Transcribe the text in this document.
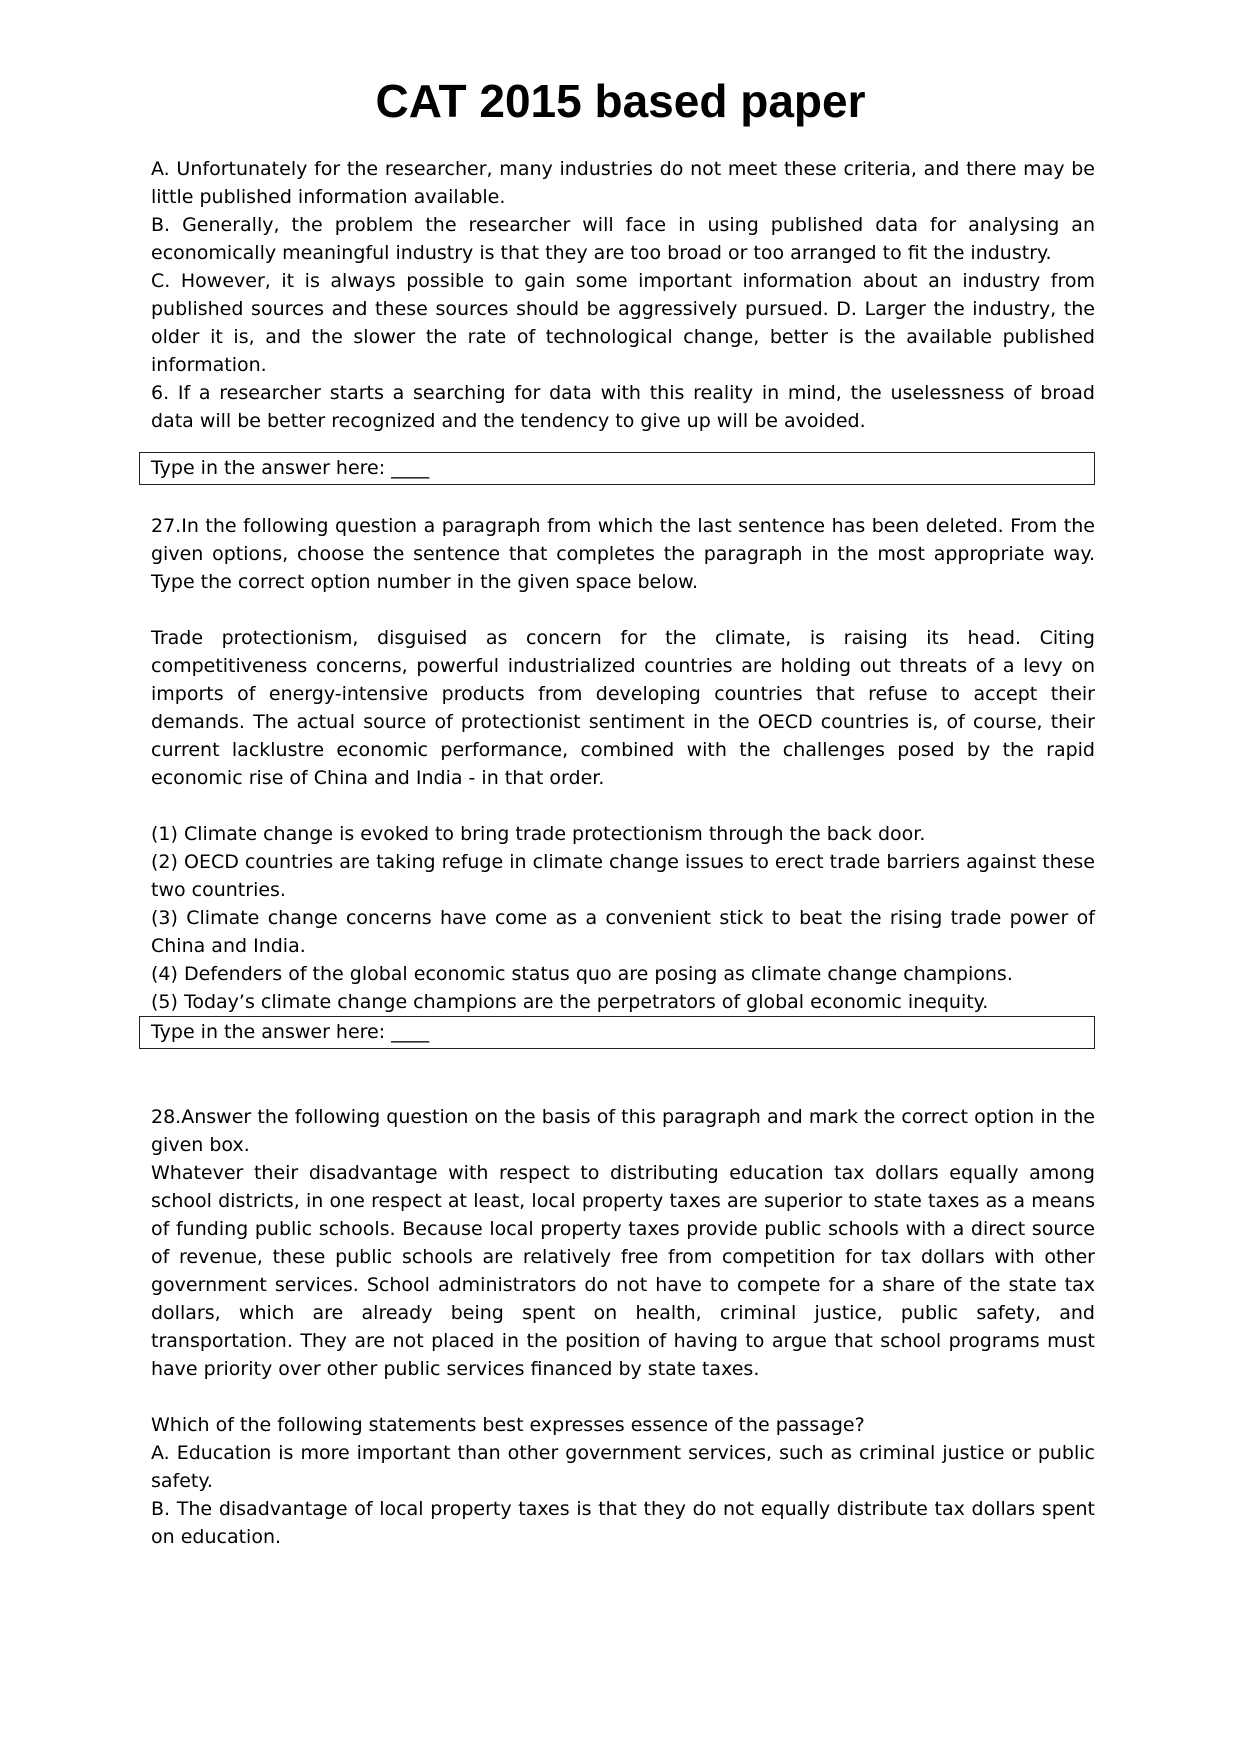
CAT 2015 based paper

A. Unfortunately for the researcher, many industries do not meet these criteria, and there may be little published information available.

B. Generally, the problem the researcher will face in using published data for analysing an economically meaningful industry is that they are too broad or too arranged to fit the industry.

C. However, it is always possible to gain some important information about an industry from published sources and these sources should be aggressively pursued. D. Larger the industry, the older it is, and the slower the rate of technological change, better is the available published information.

6. If a researcher starts a searching for data with this reality in mind, the uselessness of broad data will be better recognized and the tendency to give up will be avoided.

Type in the answer here: ____

27.In the following question a paragraph from which the last sentence has been deleted. From the given options, choose the sentence that completes the paragraph in the most appropriate way. Type the correct option number in the given space below.

Trade protectionism, disguised as concern for the climate, is raising its head. Citing competitiveness concerns, powerful industrialized countries are holding out threats of a levy on imports of energy-intensive products from developing countries that refuse to accept their demands. The actual source of protectionist sentiment in the OECD countries is, of course, their current lacklustre economic performance, combined with the challenges posed by the rapid economic rise of China and India - in that order.

(1) Climate change is evoked to bring trade protectionism through the back door.

(2) OECD countries are taking refuge in climate change issues to erect trade barriers against these two countries.

(3) Climate change concerns have come as a convenient stick to beat the rising trade power of China and India.

(4) Defenders of the global economic status quo are posing as climate change champions.

(5) Today’s climate change champions are the perpetrators of global economic inequity.

Type in the answer here: ____

28.Answer the following question on the basis of this paragraph and mark the correct option in the given box.

Whatever their disadvantage with respect to distributing education tax dollars equally among school districts, in one respect at least, local property taxes are superior to state taxes as a means of funding public schools. Because local property taxes provide public schools with a direct source of revenue, these public schools are relatively free from competition for tax dollars with other government services. School administrators do not have to compete for a share of the state tax dollars, which are already being spent on health, criminal justice, public safety, and transportation. They are not placed in the position of having to argue that school programs must have priority over other public services financed by state taxes.

Which of the following statements best expresses essence of the passage?

A. Education is more important than other government services, such as criminal justice or public safety.

B. The disadvantage of local property taxes is that they do not equally distribute tax dollars spent on education.
